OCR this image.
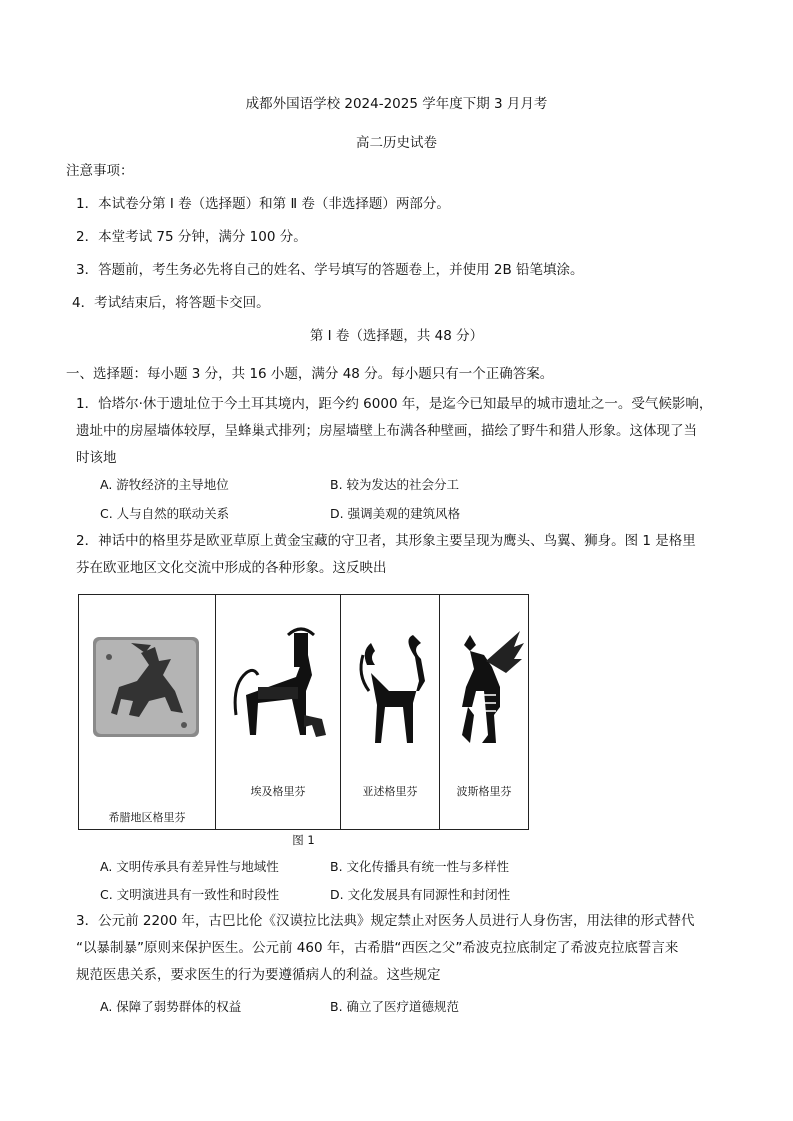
成都外国语学校 2024-2025 学年度下期 3 月月考
高二历史试卷
注意事项：
1．本试卷分第 Ⅰ 卷（选择题）和第 Ⅱ 卷（非选择题）两部分。
2．本堂考试 75 分钟，满分 100 分。
3．答题前，考生务必先将自己的姓名、学号填写的答题卷上，并使用 2B 铅笔填涂。
4．考试结束后，将答题卡交回。
第 Ⅰ 卷（选择题，共 48 分）
一、选择题：每小题 3 分，共 16 小题，满分 48 分。每小题只有一个正确答案。
1．恰塔尔·休于遗址位于今土耳其境内，距今约 6000 年，是迄今已知最早的城市遗址之一。受气候影响，
遗址中的房屋墙体较厚，呈蜂巢式排列；房屋墙壁上布满各种壁画，描绘了野牛和猎人形象。这体现了当
时该地
A. 游牧经济的主导地位	B. 较为发达的社会分工
C. 人与自然的联动关系	D. 强调美观的建筑风格
2．神话中的格里芬是欧亚草原上黄金宝藏的守卫者，其形象主要呈现为鹰头、鸟翼、狮身。图 1 是格里
芬在欧亚地区文化交流中形成的各种形象。这反映出
希腊地区格里芬
埃及格里芬	亚述格里芬	波斯格里芬
图 1
A. 文明传承具有差异性与地域性	B. 文化传播具有统一性与多样性
C. 文明演进具有一致性和时段性	D. 文化发展具有同源性和封闭性
3．公元前 2200 年，古巴比伦《汉谟拉比法典》规定禁止对医务人员进行人身伤害，用法律的形式替代
“以暴制暴”原则来保护医生。公元前 460 年，古希腊“西医之父”希波克拉底制定了希波克拉底誓言来
规范医患关系，要求医生的行为要遵循病人的利益。这些规定
A. 保障了弱势群体的权益	B. 确立了医疗道德规范
